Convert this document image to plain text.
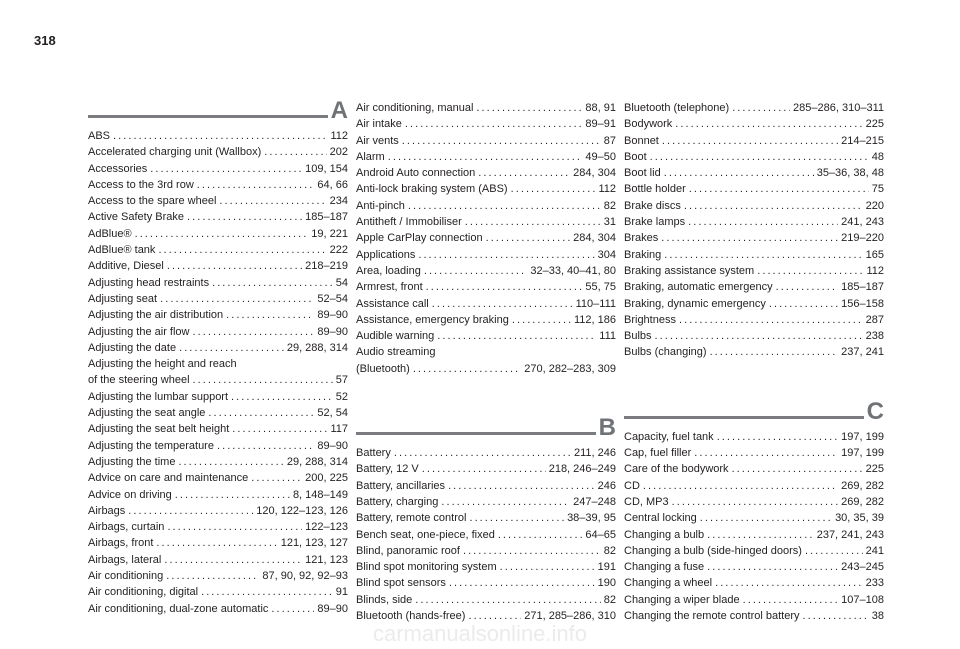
318
A
ABS . . .	112
Accelerated charging unit (Wallbox) . . .	202
Accessories . . .	109, 154
Access to the 3rd row . . .	64, 66
Access to the spare wheel . . .	234
Active Safety Brake . . .	185–187
AdBlue® . . .	19, 221
AdBlue® tank . . .	222
Additive, Diesel . . .	218–219
Adjusting head restraints . . .	54
Adjusting seat . . .	52–54
Adjusting the air distribution . . .	89–90
Adjusting the air flow . . .	89–90
Adjusting the date . . .	29, 288, 314
Adjusting the height and reach
of the steering wheel . . .	57
Adjusting the lumbar support . . .	52
Adjusting the seat angle . . .	52, 54
Adjusting the seat belt height . . .	117
Adjusting the temperature . . .	89–90
Adjusting the time . . .	29, 288, 314
Advice on care and maintenance . . .	200, 225
Advice on driving . . .	8, 148–149
Airbags . . .	120, 122–123, 126
Airbags, curtain . . .	122–123
Airbags, front . . .	121, 123, 127
Airbags, lateral . . .	121, 123
Air conditioning . . .	87, 90, 92, 92–93
Air conditioning, digital . . .	91
Air conditioning, dual-zone automatic . . .	89–90
Air conditioning, manual . . .	88, 91
Air intake . . .	89–91
Air vents . . .	87
Alarm . . .	49–50
Android Auto connection . . .	284, 304
Anti-lock braking system (ABS) . . .	112
Anti-pinch . . .	82
Antitheft / Immobiliser . . .	31
Apple CarPlay connection . . .	284, 304
Applications . . .	304
Area, loading . . .	32–33, 40–41, 80
Armrest, front . . .	55, 75
Assistance call . . .	110–111
Assistance, emergency braking . . .	112, 186
Audible warning . . .	111
Audio streaming
(Bluetooth) . . .	270, 282–283, 309
B
Battery . . .	211, 246
Battery, 12 V . . .	218, 246–249
Battery, ancillaries . . .	246
Battery, charging . . .	247–248
Battery, remote control . . .	38–39, 95
Bench seat, one-piece, fixed . . .	64–65
Blind, panoramic roof . . .	82
Blind spot monitoring system . . .	191
Blind spot sensors . . .	190
Blinds, side . . .	82
Bluetooth (hands-free) . . .	271, 285–286, 310
Bluetooth (telephone) . . .	285–286, 310–311
Bodywork . . .	225
Bonnet . . .	214–215
Boot . . .	48
Boot lid . . .	35–36, 38, 48
Bottle holder . . .	75
Brake discs . . .	220
Brake lamps . . .	241, 243
Brakes . . .	219–220
Braking . . .	165
Braking assistance system . . .	112
Braking, automatic emergency . . .	185–187
Braking, dynamic emergency . . .	156–158
Brightness . . .	287
Bulbs . . .	238
Bulbs (changing) . . .	237, 241
C
Capacity, fuel tank . . .	197, 199
Cap, fuel filler . . .	197, 199
Care of the bodywork . . .	225
CD . . .	269, 282
CD, MP3 . . .	269, 282
Central locking . . .	30, 35, 39
Changing a bulb . . .	237, 241, 243
Changing a bulb (side-hinged doors) . . .	241
Changing a fuse . . .	243–245
Changing a wheel . . .	233
Changing a wiper blade . . .	107–108
Changing the remote control battery . . .	38
carmanualsonline.info
